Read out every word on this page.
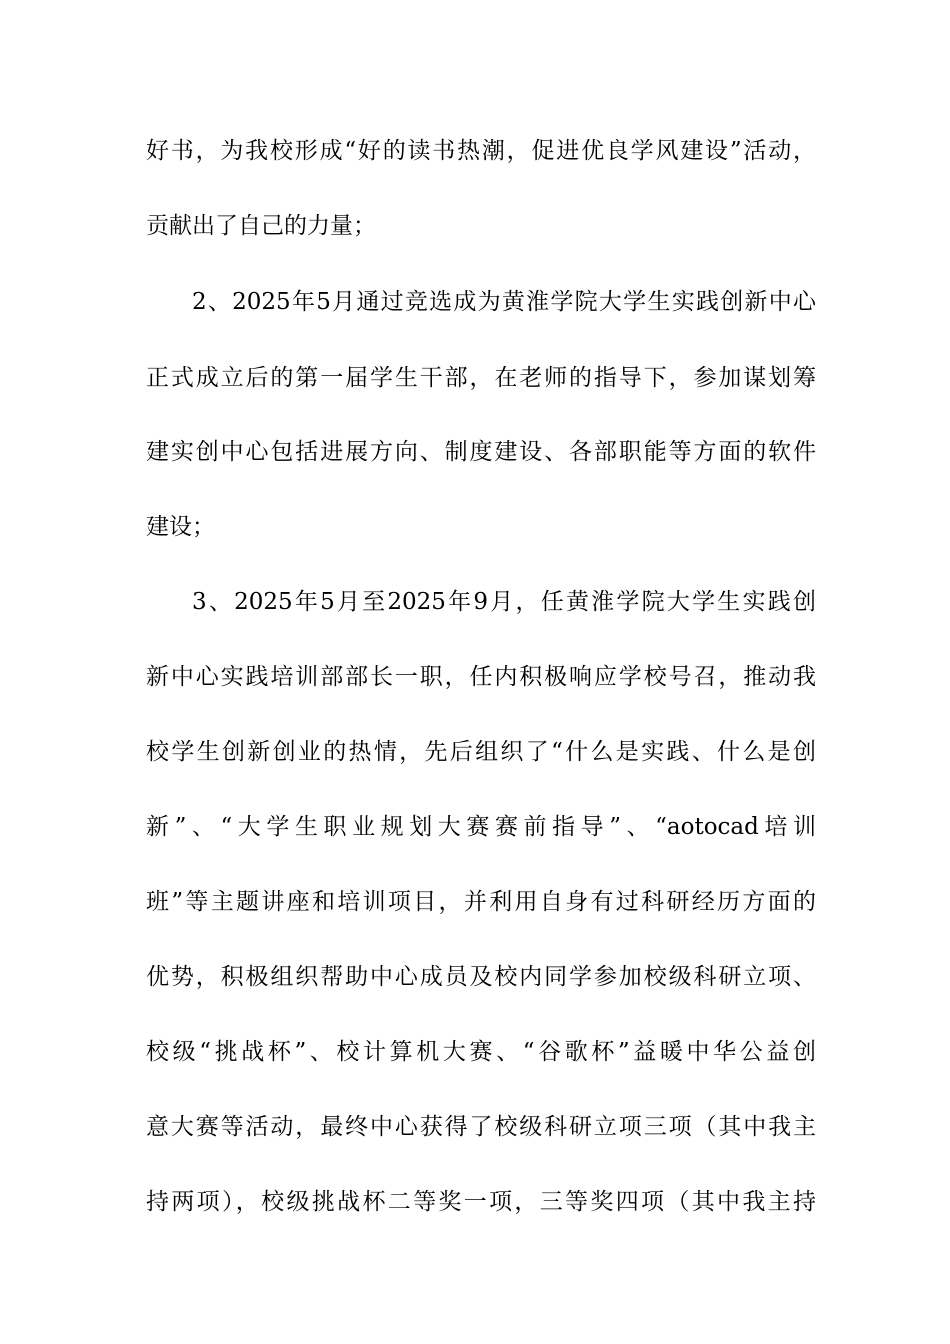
好书，为我校形成“好的读书热潮，促进优良学风建设”活动，
贡献出了自己的力量；
2、2025年5月通过竞选成为黄淮学院大学生实践创新中心
正式成立后的第一届学生干部，在老师的指导下，参加谋划筹
建实创中心包括进展方向、制度建设、各部职能等方面的软件
建设；
3、2025年5月至2025年9月，任黄淮学院大学生实践创
新中心实践培训部部长一职，任内积极响应学校号召，推动我
校学生创新创业的热情，先后组织了“什么是实践、什么是创
新”、“大学生职业规划大赛赛前指导”、“aotocad培训
班”等主题讲座和培训项目，并利用自身有过科研经历方面的
优势，积极组织帮助中心成员及校内同学参加校级科研立项、
校级“挑战杯”、校计算机大赛、“谷歌杯”益暖中华公益创
意大赛等活动，最终中心获得了校级科研立项三项（其中我主
持两项），校级挑战杯二等奖一项，三等奖四项（其中我主持
